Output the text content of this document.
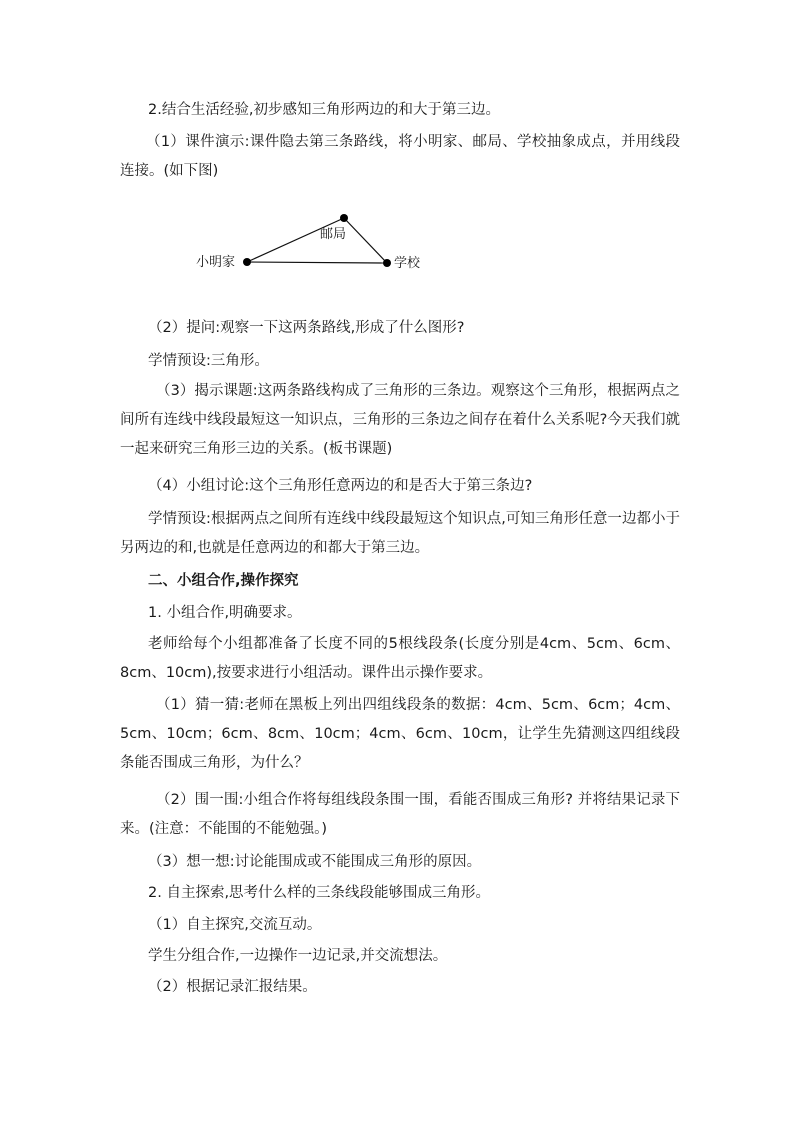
2.结合生活经验,初步感知三角形两边的和大于第三边。

（1）课件演示:课件隐去第三条路线，将小明家、邮局、学校抽象成点，并用线段连接。(如下图)

小明家
邮局
学校

（2）提问:观察一下这两条路线,形成了什么图形?

学情预设:三角形。

（3）揭示课题:这两条路线构成了三角形的三条边。观察这个三角形，根据两点之间所有连线中线段最短这一知识点，三角形的三条边之间存在着什么关系呢?今天我们就一起来研究三角形三边的关系。(板书课题)

（4）小组讨论:这个三角形任意两边的和是否大于第三条边?

学情预设:根据两点之间所有连线中线段最短这个知识点,可知三角形任意一边都小于另两边的和,也就是任意两边的和都大于第三边。

二、小组合作,操作探究

1. 小组合作,明确要求。

老师给每个小组都准备了长度不同的5根线段条(长度分别是4cm、5cm、6cm、8cm、10cm),按要求进行小组活动。课件出示操作要求。

（1）猜一猜:老师在黑板上列出四组线段条的数据：4cm、5cm、6cm；4cm、5cm、10cm；6cm、8cm、10cm；4cm、6cm、10cm，让学生先猜测这四组线段条能否围成三角形，为什么？

（2）围一围:小组合作将每组线段条围一围，看能否围成三角形? 并将结果记录下来。(注意：不能围的不能勉强。)

（3）想一想:讨论能围成或不能围成三角形的原因。

2. 自主探索,思考什么样的三条线段能够围成三角形。

（1）自主探究,交流互动。

学生分组合作,一边操作一边记录,并交流想法。

（2）根据记录汇报结果。
